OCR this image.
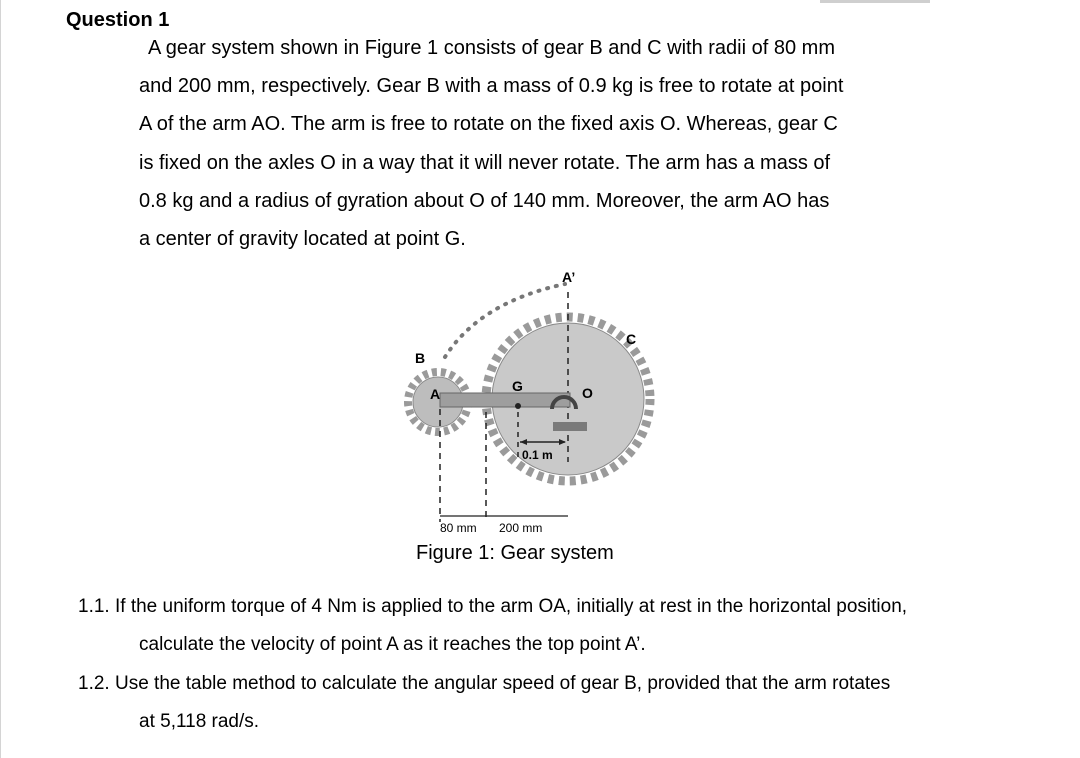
Question 1
A gear system shown in Figure 1 consists of gear B and C with radii of 80 mm
and 200 mm, respectively. Gear B with a mass of 0.9 kg is free to rotate at point
A of the arm AO. The arm is free to rotate on the fixed axis O. Whereas, gear C
is fixed on the axles O in a way that it will never rotate. The arm has a mass of
0.8 kg and a radius of gyration about O of 140 mm. Moreover, the arm AO has
a center of gravity located at point G.
A’
C
B
A	G	O
0.1 m
80 mm 200 mm
Figure 1: Gear system
1.1. If the uniform torque of 4 Nm is applied to the arm OA, initially at rest in the horizontal position,
calculate the velocity of point A as it reaches the top point A’.
1.2. Use the table method to calculate the angular speed of gear B, provided that the arm rotates
at 5,118 rad/s.
